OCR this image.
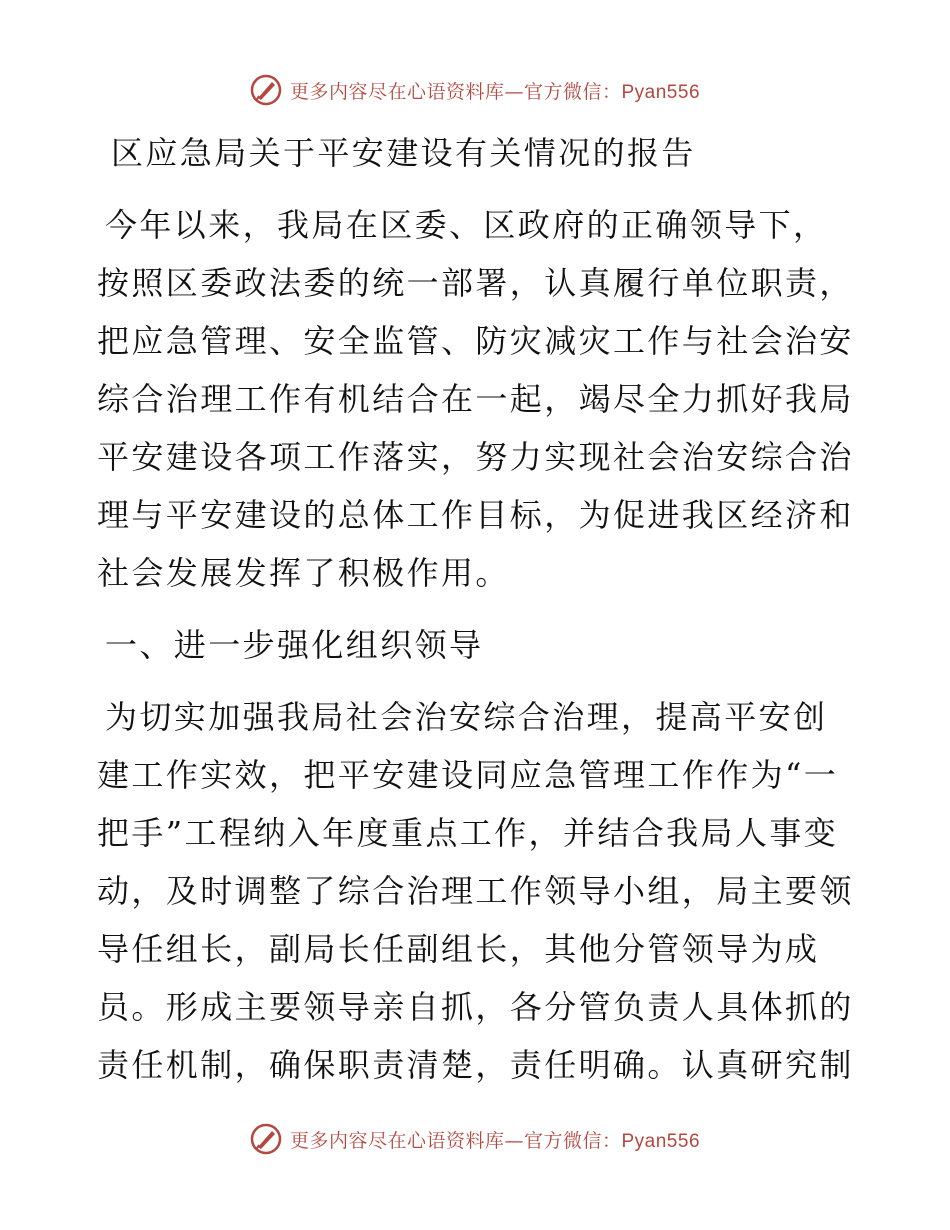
更多内容尽在心语资料库—官方微信：Pyan556
区应急局关于平安建设有关情况的报告
今年以来，我局在区委、区政府的正确领导下，
按照区委政法委的统一部署，认真履行单位职责，
把应急管理、安全监管、防灾减灾工作与社会治安
综合治理工作有机结合在一起，竭尽全力抓好我局
平安建设各项工作落实，努力实现社会治安综合治
理与平安建设的总体工作目标，为促进我区经济和
社会发展发挥了积极作用。
一、进一步强化组织领导
为切实加强我局社会治安综合治理，提高平安创
建工作实效，把平安建设同应急管理工作作为“一
把手”工程纳入年度重点工作，并结合我局人事变
动，及时调整了综合治理工作领导小组，局主要领
导任组长，副局长任副组长，其他分管领导为成
员。形成主要领导亲自抓，各分管负责人具体抓的
责任机制，确保职责清楚，责任明确。认真研究制
更多内容尽在心语资料库—官方微信：Pyan556
